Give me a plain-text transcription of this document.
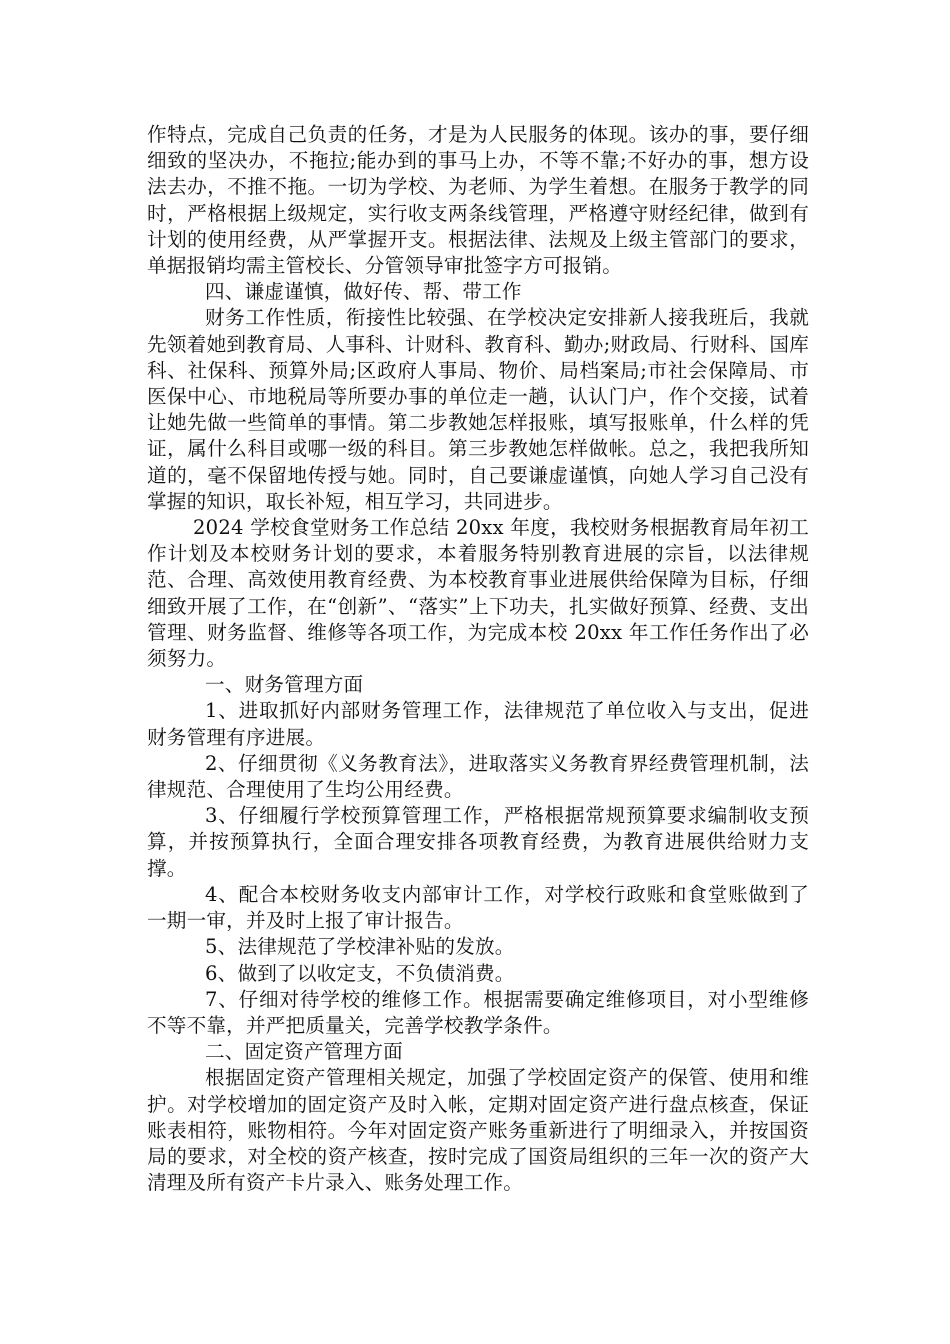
作特点，完成自己负责的任务，才是为人民服务的体现。该办的事，要仔细细致的坚决办，不拖拉;能办到的事马上办，不等不靠;不好办的事，想方设法去办，不推不拖。一切为学校、为老师、为学生着想。在服务于教学的同时，严格根据上级规定，实行收支两条线管理，严格遵守财经纪律，做到有计划的使用经费，从严掌握开支。根据法律、法规及上级主管部门的要求，单据报销均需主管校长、分管领导审批签字方可报销。

四、谦虚谨慎，做好传、帮、带工作

财务工作性质，衔接性比较强、在学校决定安排新人接我班后，我就先领着她到教育局、人事科、计财科、教育科、勤办;财政局、行财科、国库科、社保科、预算外局;区政府人事局、物价、局档案局;市社会保障局、市医保中心、市地税局等所要办事的单位走一趟，认认门户，作个交接，试着让她先做一些简单的事情。第二步教她怎样报账，填写报账单，什么样的凭证，属什么科目或哪一级的科目。第三步教她怎样做帐。总之，我把我所知道的，毫不保留地传授与她。同时，自己要谦虚谨慎，向她人学习自己没有掌握的知识，取长补短，相互学习，共同进步。

2024 学校食堂财务工作总结 20xx 年度，我校财务根据教育局年初工作计划及本校财务计划的要求，本着服务特别教育进展的宗旨，以法律规范、合理、高效使用教育经费、为本校教育事业进展供给保障为目标，仔细细致开展了工作，在“创新”、“落实”上下功夫，扎实做好预算、经费、支出管理、财务监督、维修等各项工作，为完成本校 20xx 年工作任务作出了必须努力。

一、财务管理方面

1、进取抓好内部财务管理工作，法律规范了单位收入与支出，促进财务管理有序进展。

2、仔细贯彻《义务教育法》，进取落实义务教育界经费管理机制，法律规范、合理使用了生均公用经费。

3、仔细履行学校预算管理工作，严格根据常规预算要求编制收支预算，并按预算执行，全面合理安排各项教育经费，为教育进展供给财力支撑。

4、配合本校财务收支内部审计工作，对学校行政账和食堂账做到了一期一审，并及时上报了审计报告。

5、法律规范了学校津补贴的发放。

6、做到了以收定支，不负债消费。

7、仔细对待学校的维修工作。根据需要确定维修项目，对小型维修不等不靠，并严把质量关，完善学校教学条件。

二、固定资产管理方面

根据固定资产管理相关规定，加强了学校固定资产的保管、使用和维护。对学校增加的固定资产及时入帐，定期对固定资产进行盘点核查，保证账表相符，账物相符。今年对固定资产账务重新进行了明细录入，并按国资局的要求，对全校的资产核查，按时完成了国资局组织的三年一次的资产大清理及所有资产卡片录入、账务处理工作。
